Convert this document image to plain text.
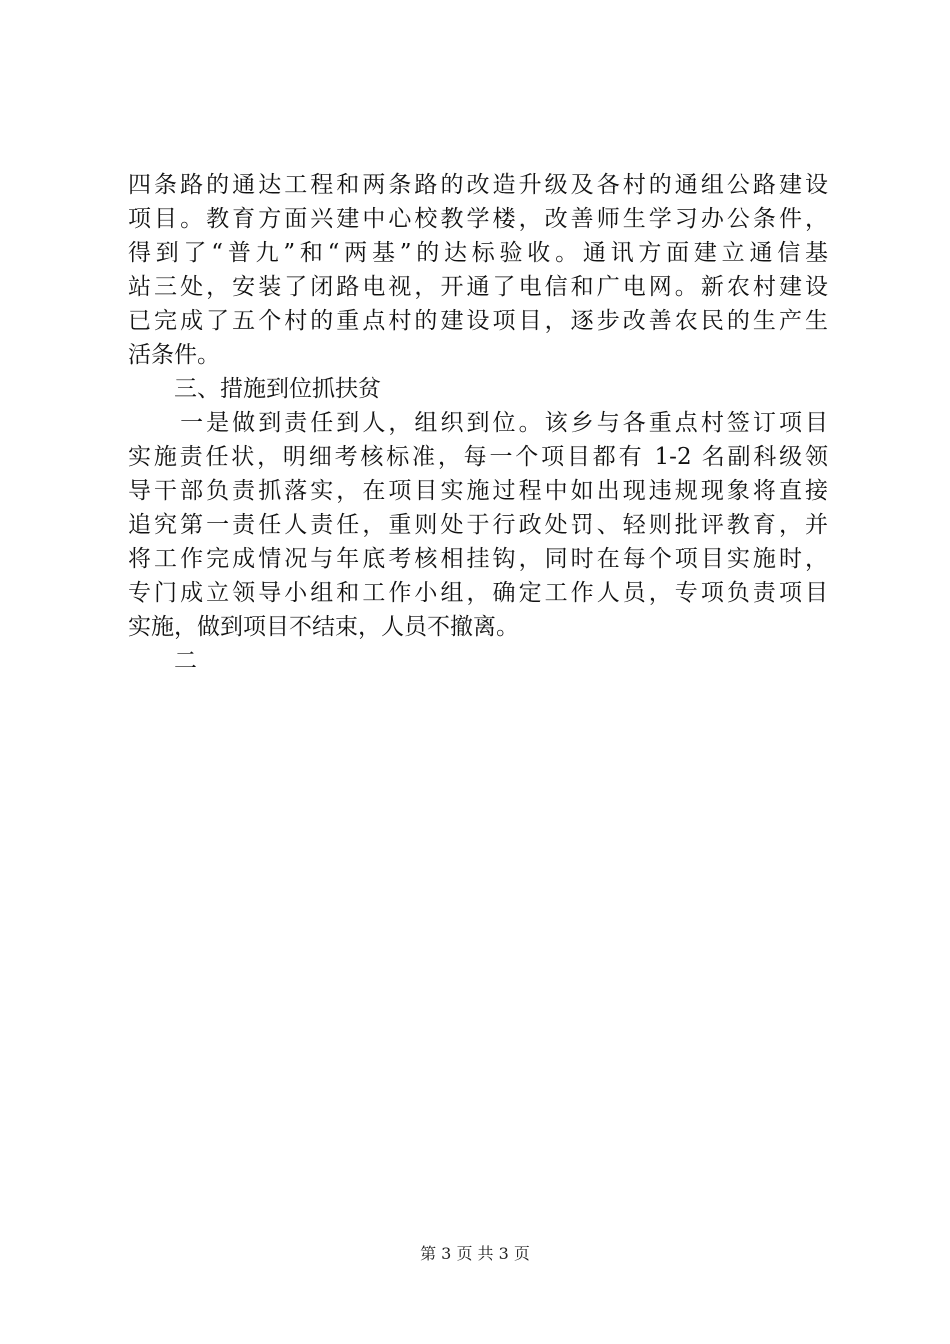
四条路的通达工程和两条路的改造升级及各村的通组公路建设
项目。教育方面兴建中心校教学楼，改善师生学习办公条件，
得到了“普九”和“两基”的达标验收。通讯方面建立通信基
站三处，安装了闭路电视，开通了电信和广电网。新农村建设
已完成了五个村的重点村的建设项目，逐步改善农民的生产生
活条件。
　　三、措施到位抓扶贫
　　一是做到责任到人，组织到位。该乡与各重点村签订项目
实施责任状，明细考核标准，每一个项目都有 1-2 名副科级领
导干部负责抓落实，在项目实施过程中如出现违规现象将直接
追究第一责任人责任，重则处于行政处罚、轻则批评教育，并
将工作完成情况与年底考核相挂钩，同时在每个项目实施时，
专门成立领导小组和工作小组，确定工作人员，专项负责项目
实施，做到项目不结束，人员不撤离。
　　二
第 3 页 共 3 页
